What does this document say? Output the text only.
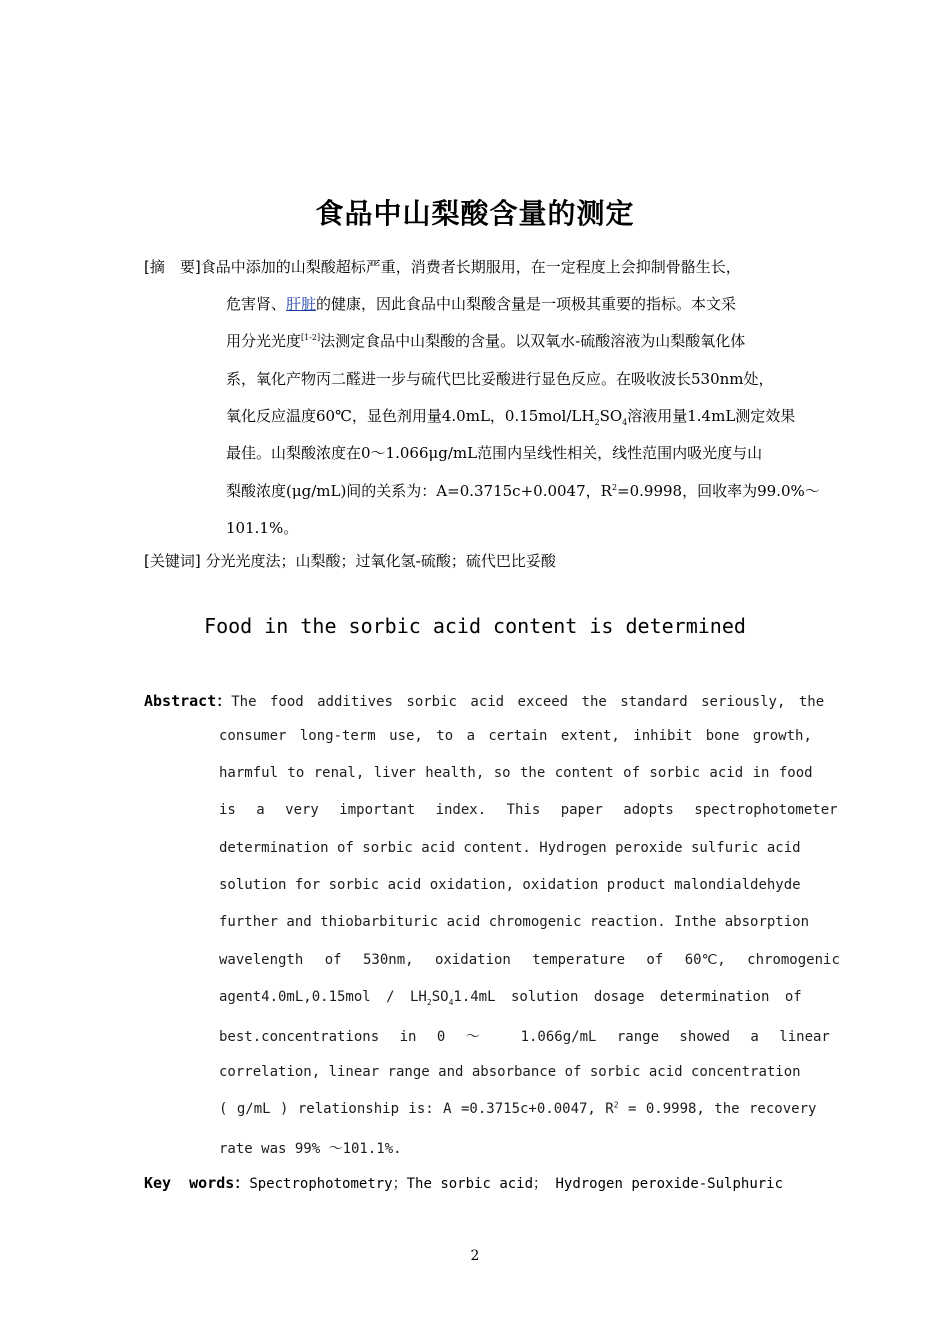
食品中山梨酸含量的测定
[摘　要]食品中添加的山梨酸超标严重，消费者长期服用，在一定程度上会抑制骨骼生长，
危害肾、肝脏的健康，因此食品中山梨酸含量是一项极其重要的指标。本文采
用分光光度[1-2]法测定食品中山梨酸的含量。以双氧水-硫酸溶液为山梨酸氧化体
系，氧化产物丙二醛进一步与硫代巴比妥酸进行显色反应。在吸收波长530nm处，
氧化反应温度60℃，显色剂用量4.0mL，$0.15mol/LH_2SO_4$溶液用量1.4mL测定效果
最佳。山梨酸浓度在0～1.066μg/mL范围内呈线性相关，线性范围内吸光度与山
梨酸浓度(μg/mL)间的关系为：A=0.3715c+0.0047，$R^2=0.9998$，回收率为99.0%～
101.1%。
[关键词] 分光光度法；山梨酸；过氧化氢-硫酸；硫代巴比妥酸
Food in the sorbic acid content is determined
Abstract：The food additives sorbic acid exceed the standard seriously, the
consumer long-term use, to a certain extent, inhibit bone growth,
harmful to renal, liver health, so the content of sorbic acid in food
is a very important index. This paper adopts spectrophotometer
determination of sorbic acid content. Hydrogen peroxide sulfuric acid
solution for sorbic acid oxidation, oxidation product malondialdehyde
further and thiobarbituric acid chromogenic reaction. Inthe absorption
wavelength of 530nm, oxidation temperature of 60℃, chromogenic
agent4.0mL,0.15mol / $LH_2SO_41.4mL$ solution dosage determination of
best.concentrations in 0 ～  1.066g/mL range showed a linear
correlation, linear range and absorbance of sorbic acid concentration
( g/mL ) relationship is: A =0.3715c+0.0047, $R^2 = 0.9998$, the recovery
rate was 99% ～101.1%.
Key  words：Spectrophotometry；The sorbic acid； Hydrogen peroxide-Sulphuric
2
